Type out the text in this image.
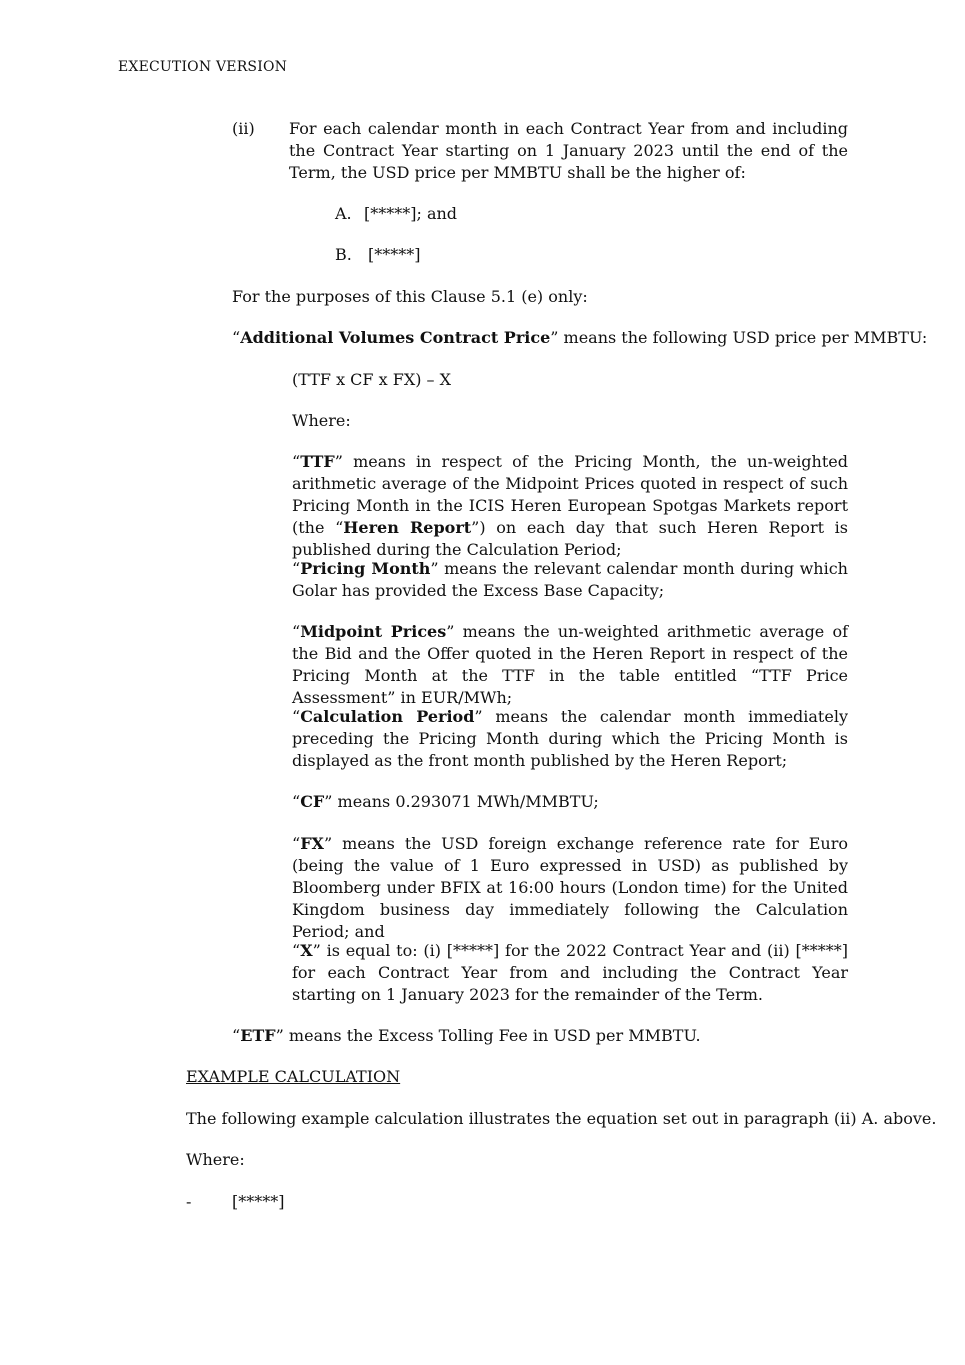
EXECUTION VERSION
(ii) For each calendar month in each Contract Year from and including the Contract Year starting on 1 January 2023 until the end of the Term, the USD price per MMBTU shall be the higher of:
A. [*****]; and
B. [*****]
For the purposes of this Clause 5.1 (e) only:
“Additional Volumes Contract Price” means the following USD price per MMBTU:
(TTF x CF x FX) – X
Where:
“TTF” means in respect of the Pricing Month, the un-weighted arithmetic average of the Midpoint Prices quoted in respect of such Pricing Month in the ICIS Heren European Spotgas Markets report (the “Heren Report”) on each day that such Heren Report is published during the Calculation Period;
“Pricing Month” means the relevant calendar month during which Golar has provided the Excess Base Capacity;
“Midpoint Prices” means the un-weighted arithmetic average of the Bid and the Offer quoted in the Heren Report in respect of the Pricing Month at the TTF in the table entitled “TTF Price Assessment” in EUR/MWh;
“Calculation Period” means the calendar month immediately preceding the Pricing Month during which the Pricing Month is displayed as the front month published by the Heren Report;
“CF” means 0.293071 MWh/MMBTU;
“FX” means the USD foreign exchange reference rate for Euro (being the value of 1 Euro expressed in USD) as published by Bloomberg under BFIX at 16:00 hours (London time) for the United Kingdom business day immediately following the Calculation Period; and
“X” is equal to: (i) [*****] for the 2022 Contract Year and (ii) [*****] for each Contract Year from and including the Contract Year starting on 1 January 2023 for the remainder of the Term.
“ETF” means the Excess Tolling Fee in USD per MMBTU.
EXAMPLE CALCULATION
The following example calculation illustrates the equation set out in paragraph (ii) A. above.
Where:
-	[*****]
